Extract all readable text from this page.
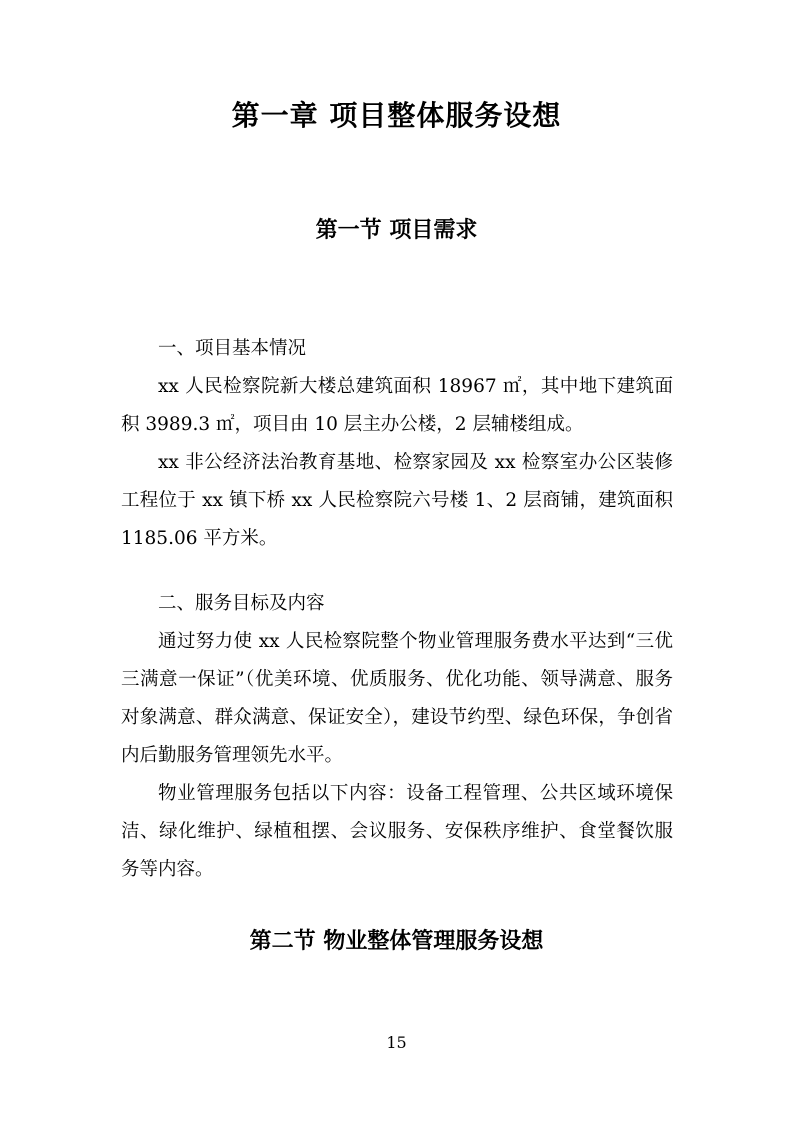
第一章 项目整体服务设想
第一节 项目需求

一、项目基本情况

xx 人民检察院新大楼总建筑面积 18967 ㎡，其中地下建筑面积 3989.3 ㎡，项目由 10 层主办公楼，2 层辅楼组成。

xx 非公经济法治教育基地、检察家园及 xx 检察室办公区装修工程位于 xx 镇下桥 xx 人民检察院六号楼 1、2 层商铺，建筑面积 1185.06 平方米。

二、服务目标及内容

通过努力使 xx 人民检察院整个物业管理服务费水平达到“三优三满意一保证”（优美环境、优质服务、优化功能、领导满意、服务对象满意、群众满意、保证安全），建设节约型、绿色环保，争创省内后勤服务管理领先水平。

物业管理服务包括以下内容：设备工程管理、公共区域环境保洁、绿化维护、绿植租摆、会议服务、安保秩序维护、食堂餐饮服务等内容。

第二节 物业整体管理服务设想
15
